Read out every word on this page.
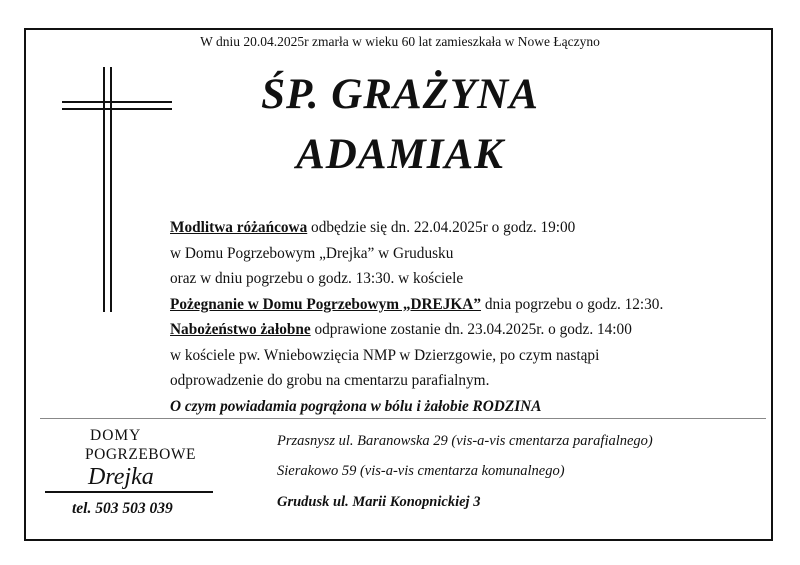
W dniu 20.04.2025r zmarła w wieku 60 lat zamieszkała w Nowe Łączyno
ŚP. GRAŻYNA
ADAMIAK
Modlitwa różańcowa odbędzie się dn. 22.04.2025r o godz. 19:00
w Domu Pogrzebowym „Drejka” w Grudusku
oraz w dniu pogrzebu o godz. 13:30. w kościele
Pożegnanie w Domu Pogrzebowym „DREJKA” dnia pogrzebu o godz. 12:30.
Nabożeństwo żałobne odprawione zostanie dn. 23.04.2025r. o godz. 14:00
w kościele pw. Wniebowzięcia NMP w Dzierzgowie, po czym nastąpi
odprowadzenie do grobu na cmentarzu parafialnym.
O czym powiadamia pogrążona w bólu i żałobie RODZINA
DOMY
POGRZEBOWE
Drejka
tel. 503 503 039
Przasnysz ul. Baranowska 29 (vis-a-vis cmentarza parafialnego)
Sierakowo 59 (vis-a-vis cmentarza komunalnego)
Grudusk ul. Marii Konopnickiej 3
